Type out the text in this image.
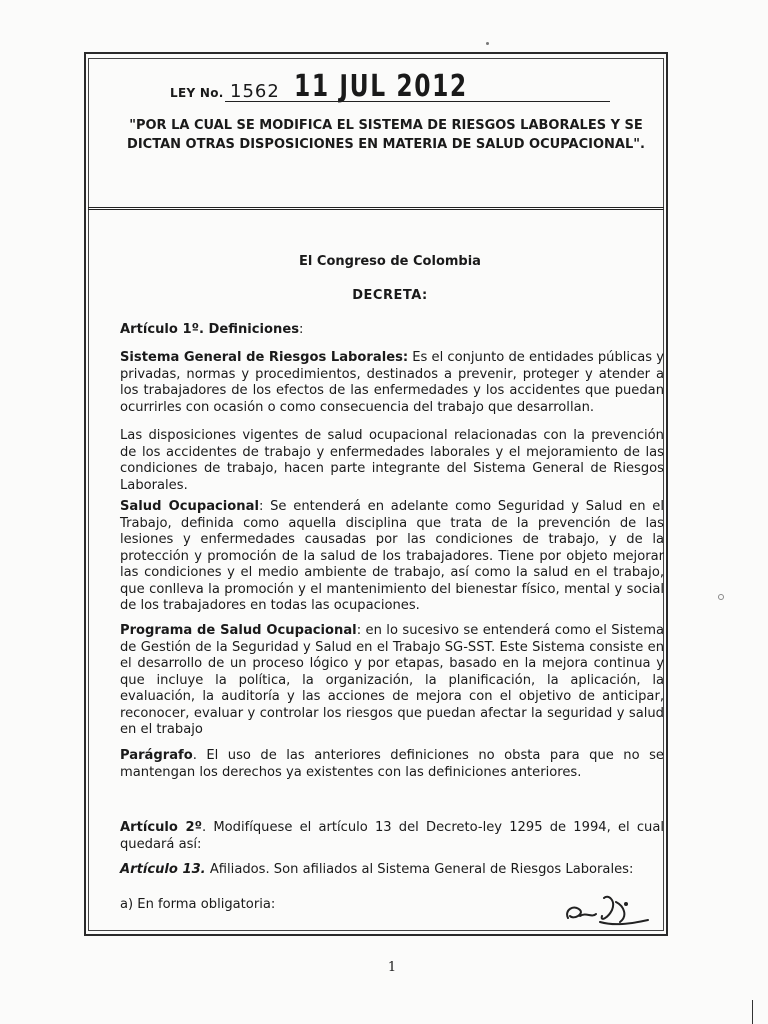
LEY No. 1562 11 JUL 2012
"POR LA CUAL SE MODIFICA EL SISTEMA DE RIESGOS LABORALES Y SE DICTAN OTRAS DISPOSICIONES EN MATERIA DE SALUD OCUPACIONAL".
El Congreso de Colombia
DECRETA:
Artículo 1º. Definiciones:
Sistema General de Riesgos Laborales: Es el conjunto de entidades públicas y privadas, normas y procedimientos, destinados a prevenir, proteger y atender a los trabajadores de los efectos de las enfermedades y los accidentes que puedan ocurrirles con ocasión o como consecuencia del trabajo que desarrollan.
Las disposiciones vigentes de salud ocupacional relacionadas con la prevención de los accidentes de trabajo y enfermedades laborales y el mejoramiento de las condiciones de trabajo, hacen parte integrante del Sistema General de Riesgos Laborales.
Salud Ocupacional: Se entenderá en adelante como Seguridad y Salud en el Trabajo, definida como aquella disciplina que trata de la prevención de las lesiones y enfermedades causadas por las condiciones de trabajo, y de la protección y promoción de la salud de los trabajadores. Tiene por objeto mejorar las condiciones y el medio ambiente de trabajo, así como la salud en el trabajo, que conlleva la promoción y el mantenimiento del bienestar físico, mental y social de los trabajadores en todas las ocupaciones.
Programa de Salud Ocupacional: en lo sucesivo se entenderá como el Sistema de Gestión de la Seguridad y Salud en el Trabajo SG-SST. Este Sistema consiste en el desarrollo de un proceso lógico y por etapas, basado en la mejora continua y que incluye la política, la organización, la planificación, la aplicación, la evaluación, la auditoría y las acciones de mejora con el objetivo de anticipar, reconocer, evaluar y controlar los riesgos que puedan afectar la seguridad y salud en el trabajo
Parágrafo. El uso de las anteriores definiciones no obsta para que no se mantengan los derechos ya existentes con las definiciones anteriores.
Artículo 2º. Modifíquese el artículo 13 del Decreto-ley 1295 de 1994, el cual quedará así:
Artículo 13. Afiliados. Son afiliados al Sistema General de Riesgos Laborales:
a) En forma obligatoria:
1
